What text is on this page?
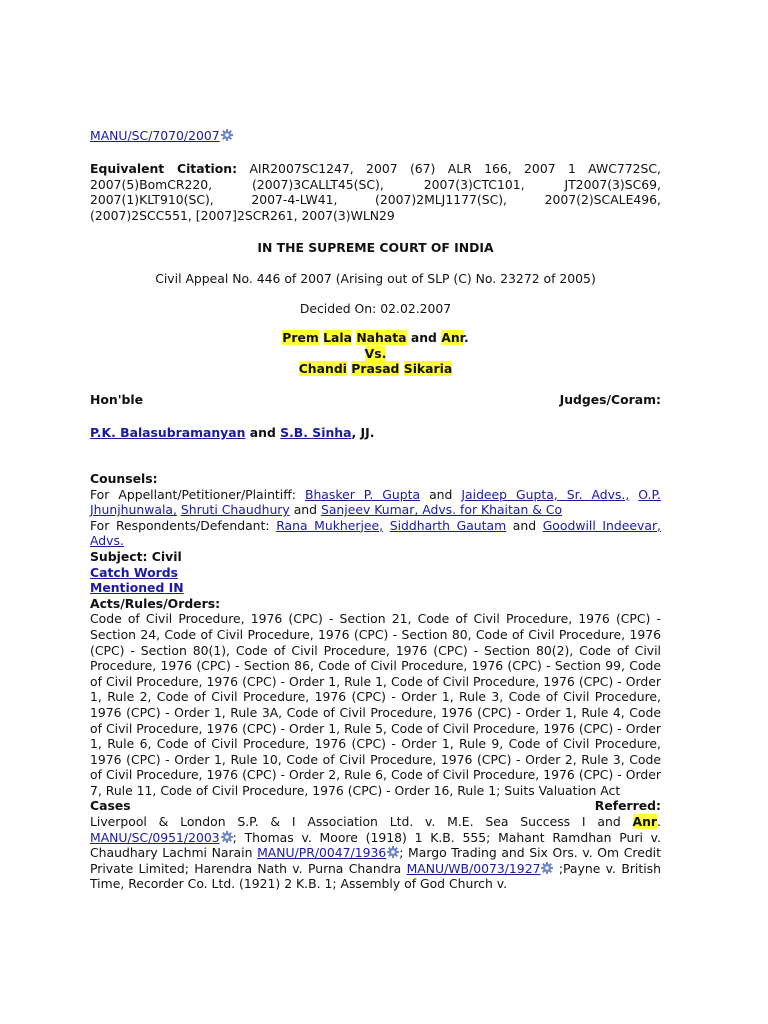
MANU/SC/7070/2007
Equivalent Citation: AIR2007SC1247, 2007 (67) ALR 166, 2007 1 AWC772SC,
2007(5)BomCR220, (2007)3CALLT45(SC), 2007(3)CTC101, JT2007(3)SC69,
2007(1)KLT910(SC), 2007-4-LW41, (2007)2MLJ1177(SC), 2007(2)SCALE496,
(2007)2SCC551, [2007]2SCR261, 2007(3)WLN29
IN THE SUPREME COURT OF INDIA
Civil Appeal No. 446 of 2007 (Arising out of SLP (C) No. 23272 of 2005)
Decided On: 02.02.2007
Prem Lala Nahata and Anr.
Vs.
Chandi Prasad Sikaria
Hon'ble	Judges/Coram:
P.K. Balasubramanyan and S.B. Sinha, JJ.
Counsels:
For Appellant/Petitioner/Plaintiff: Bhasker P. Gupta and Jaideep Gupta, Sr. Advs., O.P. Jhunjhunwala, Shruti Chaudhury and Sanjeev Kumar, Advs. for Khaitan & Co
For Respondents/Defendant: Rana Mukherjee, Siddharth Gautam and Goodwill Indeevar, Advs.
Subject: Civil
Catch Words
Mentioned IN
Acts/Rules/Orders:
Code of Civil Procedure, 1976 (CPC) - Section 21, Code of Civil Procedure, 1976 (CPC) - Section 24, Code of Civil Procedure, 1976 (CPC) - Section 80, Code of Civil Procedure, 1976 (CPC) - Section 80(1), Code of Civil Procedure, 1976 (CPC) - Section 80(2), Code of Civil Procedure, 1976 (CPC) - Section 86, Code of Civil Procedure, 1976 (CPC) - Section 99, Code of Civil Procedure, 1976 (CPC) - Order 1, Rule 1, Code of Civil Procedure, 1976 (CPC) - Order 1, Rule 2, Code of Civil Procedure, 1976 (CPC) - Order 1, Rule 3, Code of Civil Procedure, 1976 (CPC) - Order 1, Rule 3A, Code of Civil Procedure, 1976 (CPC) - Order 1, Rule 4, Code of Civil Procedure, 1976 (CPC) - Order 1, Rule 5, Code of Civil Procedure, 1976 (CPC) - Order 1, Rule 6, Code of Civil Procedure, 1976 (CPC) - Order 1, Rule 9, Code of Civil Procedure, 1976 (CPC) - Order 1, Rule 10, Code of Civil Procedure, 1976 (CPC) - Order 2, Rule 3, Code of Civil Procedure, 1976 (CPC) - Order 2, Rule 6, Code of Civil Procedure, 1976 (CPC) - Order 7, Rule 11, Code of Civil Procedure, 1976 (CPC) - Order 16, Rule 1; Suits Valuation Act
Cases	Referred:
Liverpool & London S.P. & I Association Ltd. v. M.E. Sea Success I and Anr. MANU/SC/0951/2003 ; Thomas v. Moore (1918) 1 K.B. 555; Mahant Ramdhan Puri v. Chaudhary Lachmi Narain MANU/PR/0047/1936 ; Margo Trading and Six Ors. v. Om Credit Private Limited; Harendra Nath v. Purna Chandra MANU/WB/0073/1927 ;Payne v. British Time, Recorder Co. Ltd. (1921) 2 K.B. 1; Assembly of God Church v.
